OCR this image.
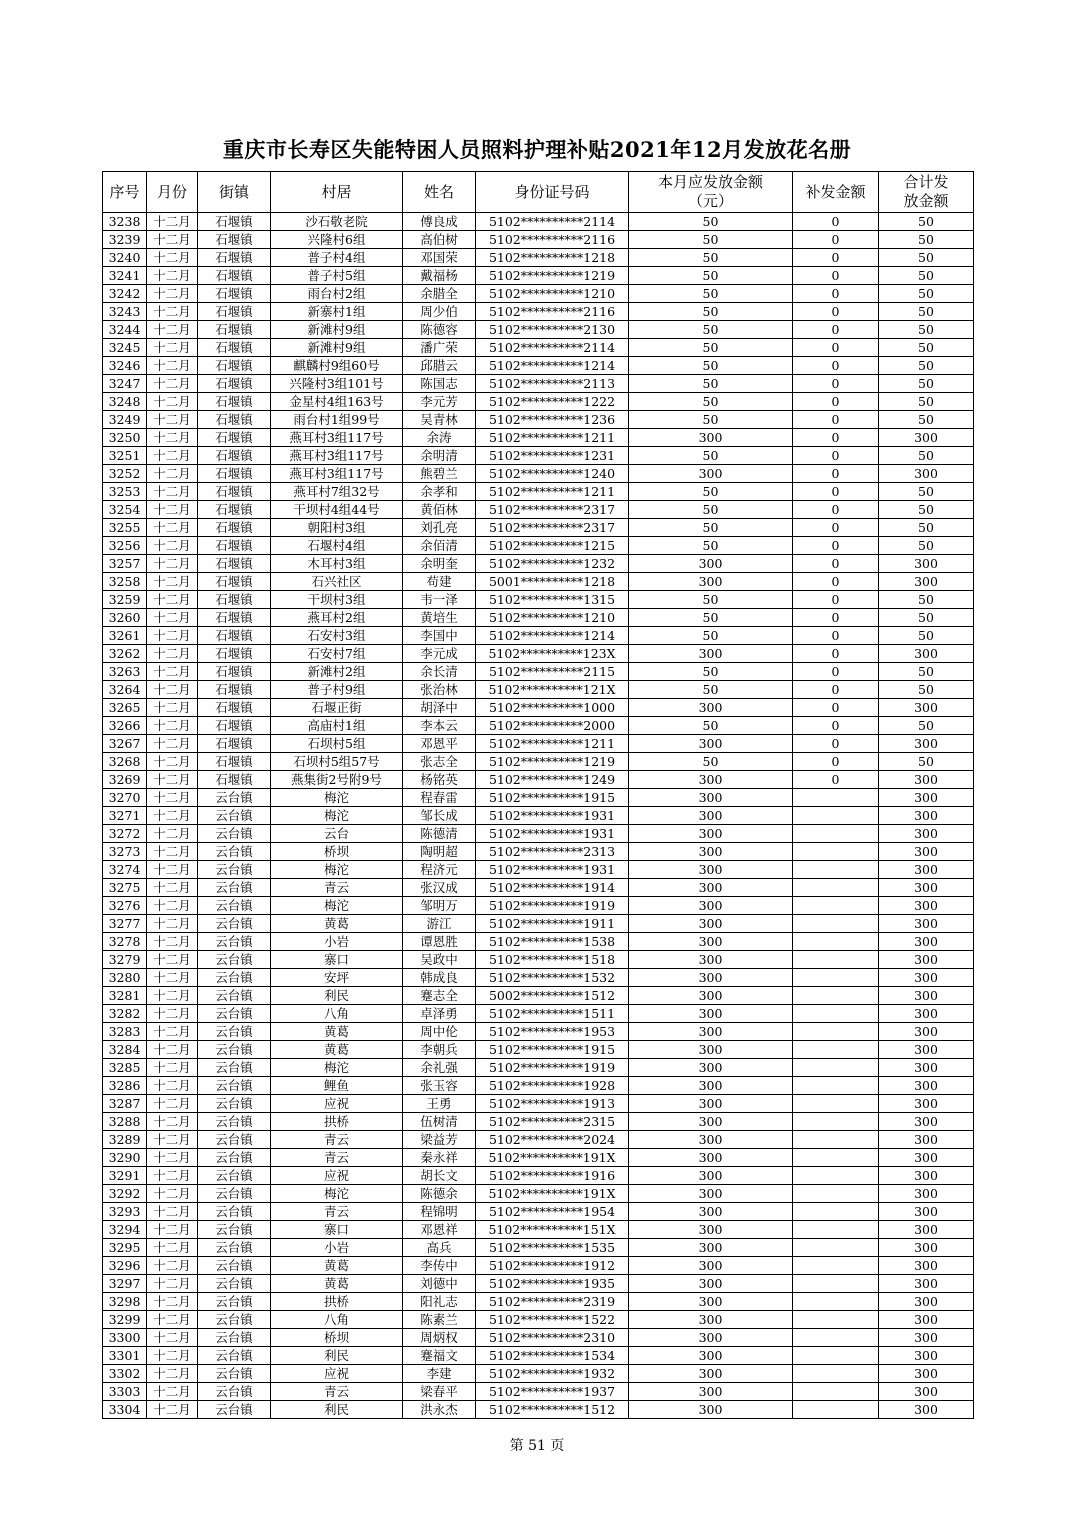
重庆市长寿区失能特困人员照料护理补贴2021年12月发放花名册
序号	月份	街镇	村居	姓名	身份证号码	本月应发放金额（元）	补发金额	合计发放金额
3238	十二月	石堰镇	沙石敬老院	傅良成	5102**********2114	50	0	50
3239	十二月	石堰镇	兴隆村6组	高伯树	5102**********2116	50	0	50
3240	十二月	石堰镇	普子村4组	邓国荣	5102**********1218	50	0	50
3241	十二月	石堰镇	普子村5组	戴福杨	5102**********1219	50	0	50
3242	十二月	石堰镇	雨台村2组	余腊全	5102**********1210	50	0	50
3243	十二月	石堰镇	新寨村1组	周少伯	5102**********2116	50	0	50
3244	十二月	石堰镇	新滩村9组	陈德容	5102**********2130	50	0	50
3245	十二月	石堰镇	新滩村9组	潘广荣	5102**********2114	50	0	50
3246	十二月	石堰镇	麒麟村9组60号	邱腊云	5102**********1214	50	0	50
3247	十二月	石堰镇	兴隆村3组101号	陈国志	5102**********2113	50	0	50
3248	十二月	石堰镇	金星村4组163号	李元芳	5102**********1222	50	0	50
3249	十二月	石堰镇	雨台村1组99号	吴青林	5102**********1236	50	0	50
3250	十二月	石堰镇	燕耳村3组117号	余涛	5102**********1211	300	0	300
3251	十二月	石堰镇	燕耳村3组117号	余明清	5102**********1231	50	0	50
3252	十二月	石堰镇	燕耳村3组117号	熊碧兰	5102**********1240	300	0	300
3253	十二月	石堰镇	燕耳村7组32号	余孝和	5102**********1211	50	0	50
3254	十二月	石堰镇	干坝村4组44号	黄佰林	5102**********2317	50	0	50
3255	十二月	石堰镇	朝阳村3组	刘孔亮	5102**********2317	50	0	50
3256	十二月	石堰镇	石堰村4组	余佰清	5102**********1215	50	0	50
3257	十二月	石堰镇	木耳村3组	余明奎	5102**********1232	300	0	300
3258	十二月	石堰镇	石兴社区	苟建	5001**********1218	300	0	300
3259	十二月	石堰镇	干坝村3组	韦一泽	5102**********1315	50	0	50
3260	十二月	石堰镇	燕耳村2组	黄培生	5102**********1210	50	0	50
3261	十二月	石堰镇	石安村3组	李国中	5102**********1214	50	0	50
3262	十二月	石堰镇	石安村7组	李元成	5102**********123X	300	0	300
3263	十二月	石堰镇	新滩村2组	余长清	5102**********2115	50	0	50
3264	十二月	石堰镇	普子村9组	张治林	5102**********121X	50	0	50
3265	十二月	石堰镇	石堰正街	胡泽中	5102**********1000	300	0	300
3266	十二月	石堰镇	高庙村1组	李本云	5102**********2000	50	0	50
3267	十二月	石堰镇	石坝村5组	邓恩平	5102**********1211	300	0	300
3268	十二月	石堰镇	石坝村5组57号	张志全	5102**********1219	50	0	50
3269	十二月	石堰镇	燕集街2号附9号	杨铭英	5102**********1249	300	0	300
3270	十二月	云台镇	梅沱	程春雷	5102**********1915	300		300
3271	十二月	云台镇	梅沱	邹长成	5102**********1931	300		300
3272	十二月	云台镇	云台	陈德清	5102**********1931	300		300
3273	十二月	云台镇	桥坝	陶明超	5102**********2313	300		300
3274	十二月	云台镇	梅沱	程济元	5102**********1931	300		300
3275	十二月	云台镇	青云	张汉成	5102**********1914	300		300
3276	十二月	云台镇	梅沱	邹明万	5102**********1919	300		300
3277	十二月	云台镇	黄葛	游江	5102**********1911	300		300
3278	十二月	云台镇	小岩	谭恩胜	5102**********1538	300		300
3279	十二月	云台镇	寨口	吴政中	5102**********1518	300		300
3280	十二月	云台镇	安坪	韩成良	5102**********1532	300		300
3281	十二月	云台镇	利民	蹇志全	5002**********1512	300		300
3282	十二月	云台镇	八角	卓泽勇	5102**********1511	300		300
3283	十二月	云台镇	黄葛	周中伦	5102**********1953	300		300
3284	十二月	云台镇	黄葛	李朝兵	5102**********1915	300		300
3285	十二月	云台镇	梅沱	余礼强	5102**********1919	300		300
3286	十二月	云台镇	鲤鱼	张玉容	5102**********1928	300		300
3287	十二月	云台镇	应祝	王勇	5102**********1913	300		300
3288	十二月	云台镇	拱桥	伍树清	5102**********2315	300		300
3289	十二月	云台镇	青云	梁益芳	5102**********2024	300		300
3290	十二月	云台镇	青云	秦永祥	5102**********191X	300		300
3291	十二月	云台镇	应祝	胡长文	5102**********1916	300		300
3292	十二月	云台镇	梅沱	陈德余	5102**********191X	300		300
3293	十二月	云台镇	青云	程锦明	5102**********1954	300		300
3294	十二月	云台镇	寨口	邓恩祥	5102**********151X	300		300
3295	十二月	云台镇	小岩	高兵	5102**********1535	300		300
3296	十二月	云台镇	黄葛	李传中	5102**********1912	300		300
3297	十二月	云台镇	黄葛	刘德中	5102**********1935	300		300
3298	十二月	云台镇	拱桥	阳礼志	5102**********2319	300		300
3299	十二月	云台镇	八角	陈素兰	5102**********1522	300		300
3300	十二月	云台镇	桥坝	周炳权	5102**********2310	300		300
3301	十二月	云台镇	利民	蹇福文	5102**********1534	300		300
3302	十二月	云台镇	应祝	李建	5102**********1932	300		300
3303	十二月	云台镇	青云	梁春平	5102**********1937	300		300
3304	十二月	云台镇	利民	洪永杰	5102**********1512	300		300
第 51 页
